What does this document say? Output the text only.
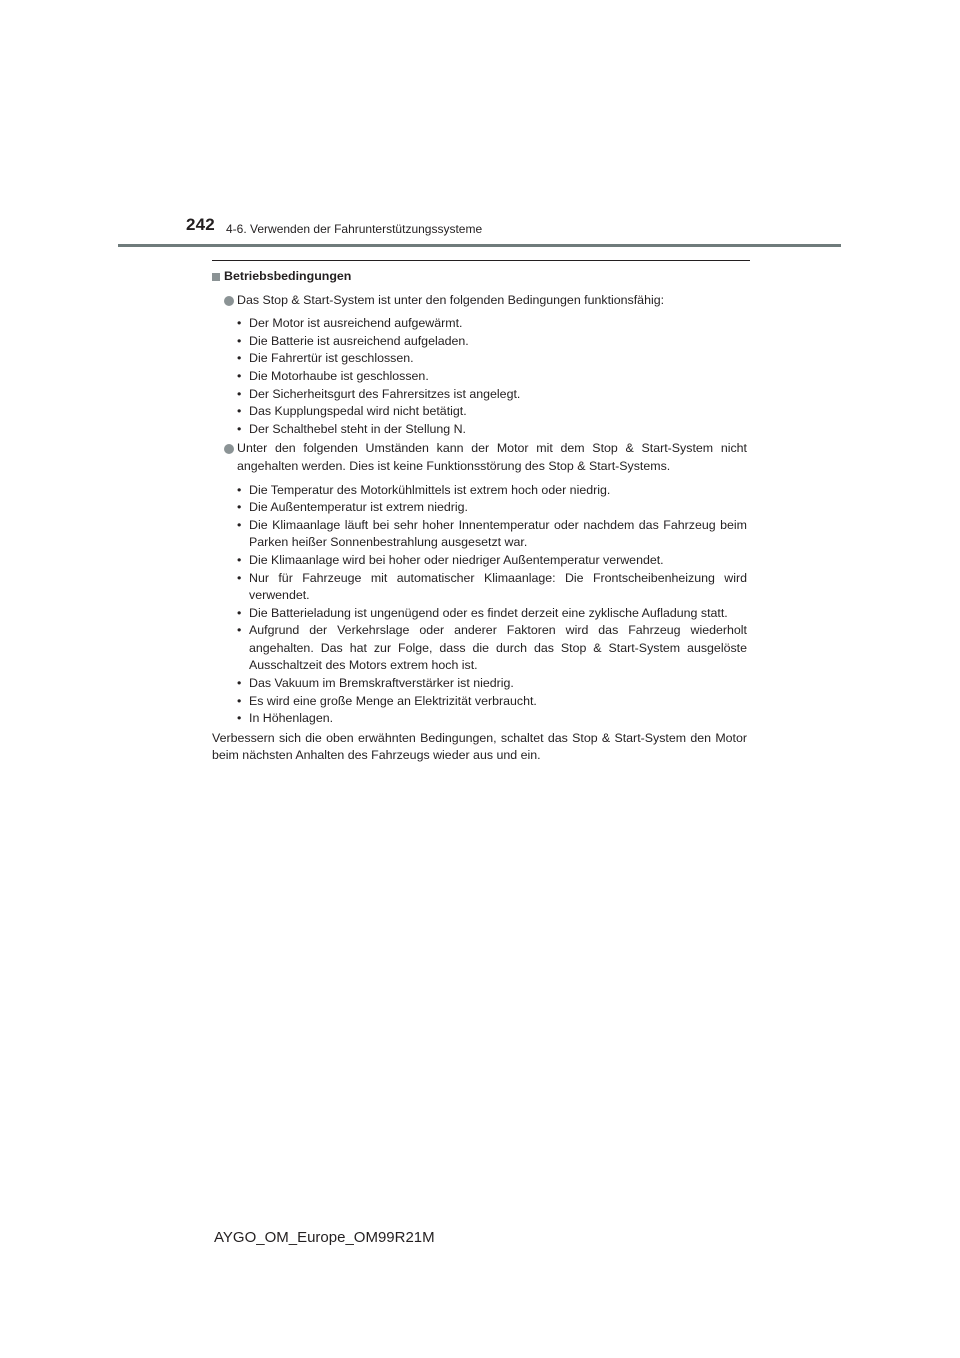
242 4-6. Verwenden der Fahrunterstützungssysteme
Betriebsbedingungen

Das Stop & Start-System ist unter den folgenden Bedingungen funktionsfähig:

• Der Motor ist ausreichend aufgewärmt.
• Die Batterie ist ausreichend aufgeladen.
• Die Fahrertür ist geschlossen.
• Die Motorhaube ist geschlossen.
• Der Sicherheitsgurt des Fahrersitzes ist angelegt.
• Das Kupplungspedal wird nicht betätigt.
• Der Schalthebel steht in der Stellung N.

Unter den folgenden Umständen kann der Motor mit dem Stop & Start-System nicht angehalten werden. Dies ist keine Funktionsstörung des Stop & Start-Systems.

• Die Temperatur des Motorkühlmittels ist extrem hoch oder niedrig.
• Die Außentemperatur ist extrem niedrig.
• Die Klimaanlage läuft bei sehr hoher Innentemperatur oder nachdem das Fahrzeug beim Parken heißer Sonnenbestrahlung ausgesetzt war.
• Die Klimaanlage wird bei hoher oder niedriger Außentemperatur verwendet.
• Nur für Fahrzeuge mit automatischer Klimaanlage: Die Frontscheibenheizung wird verwendet.
• Die Batterieladung ist ungenügend oder es findet derzeit eine zyklische Aufladung statt.
• Aufgrund der Verkehrslage oder anderer Faktoren wird das Fahrzeug wiederholt angehalten. Das hat zur Folge, dass die durch das Stop & Start-System ausgelöste Ausschaltzeit des Motors extrem hoch ist.
• Das Vakuum im Bremskraftverstärker ist niedrig.
• Es wird eine große Menge an Elektrizität verbraucht.
• In Höhenlagen.

Verbessern sich die oben erwähnten Bedingungen, schaltet das Stop & Start-System den Motor beim nächsten Anhalten des Fahrzeugs wieder aus und ein.

AYGO_OM_Europe_OM99R21M
